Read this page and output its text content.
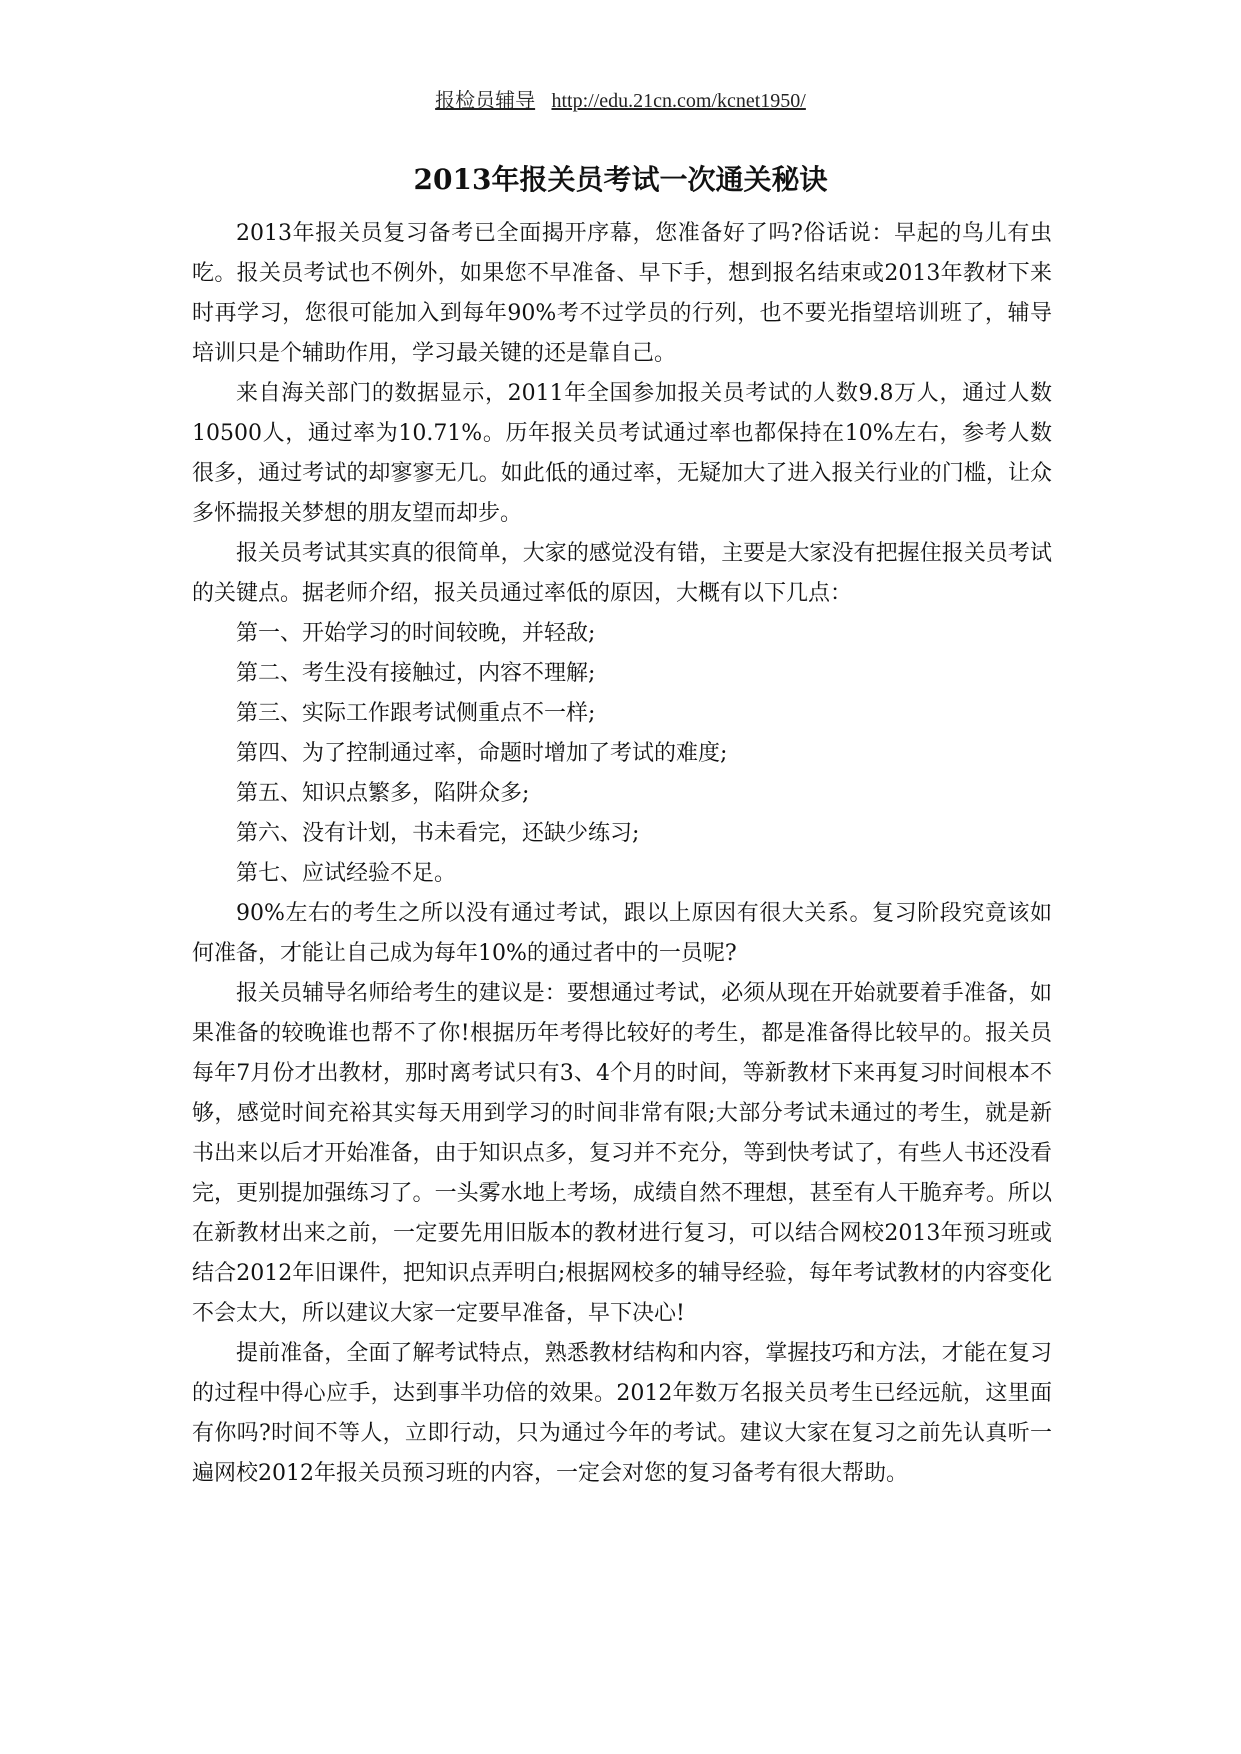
报检员辅导 http://edu.21cn.com/kcnet1950/
2013年报关员考试一次通关秘诀

2013年报关员复习备考已全面揭开序幕，您准备好了吗?俗话说：早起的鸟儿有虫吃。报关员考试也不例外，如果您不早准备、早下手，想到报名结束或2013年教材下来时再学习，您很可能加入到每年90%考不过学员的行列，也不要光指望培训班了，辅导培训只是个辅助作用，学习最关键的还是靠自己。

来自海关部门的数据显示，2011年全国参加报关员考试的人数9.8万人，通过人数10500人，通过率为10.71%。历年报关员考试通过率也都保持在10%左右，参考人数很多，通过考试的却寥寥无几。如此低的通过率，无疑加大了进入报关行业的门槛，让众多怀揣报关梦想的朋友望而却步。

报关员考试其实真的很简单，大家的感觉没有错，主要是大家没有把握住报关员考试的关键点。据老师介绍，报关员通过率低的原因，大概有以下几点：

第一、开始学习的时间较晚，并轻敌;
第二、考生没有接触过，内容不理解;
第三、实际工作跟考试侧重点不一样;
第四、为了控制通过率，命题时增加了考试的难度;
第五、知识点繁多，陷阱众多;
第六、没有计划，书未看完，还缺少练习;
第七、应试经验不足。

90%左右的考生之所以没有通过考试，跟以上原因有很大关系。复习阶段究竟该如何准备，才能让自己成为每年10%的通过者中的一员呢?

报关员辅导名师给考生的建议是：要想通过考试，必须从现在开始就要着手准备，如果准备的较晚谁也帮不了你!根据历年考得比较好的考生，都是准备得比较早的。报关员每年7月份才出教材，那时离考试只有3、4个月的时间，等新教材下来再复习时间根本不够，感觉时间充裕其实每天用到学习的时间非常有限;大部分考试未通过的考生，就是新书出来以后才开始准备，由于知识点多，复习并不充分，等到快考试了，有些人书还没看完，更别提加强练习了。一头雾水地上考场，成绩自然不理想，甚至有人干脆弃考。所以在新教材出来之前，一定要先用旧版本的教材进行复习，可以结合网校2013年预习班或结合2012年旧课件，把知识点弄明白;根据网校多的辅导经验，每年考试教材的内容变化不会太大，所以建议大家一定要早准备，早下决心!

提前准备，全面了解考试特点，熟悉教材结构和内容，掌握技巧和方法，才能在复习的过程中得心应手，达到事半功倍的效果。2012年数万名报关员考生已经远航，这里面有你吗?时间不等人，立即行动，只为通过今年的考试。建议大家在复习之前先认真听一遍网校2012年报关员预习班的内容，一定会对您的复习备考有很大帮助。
